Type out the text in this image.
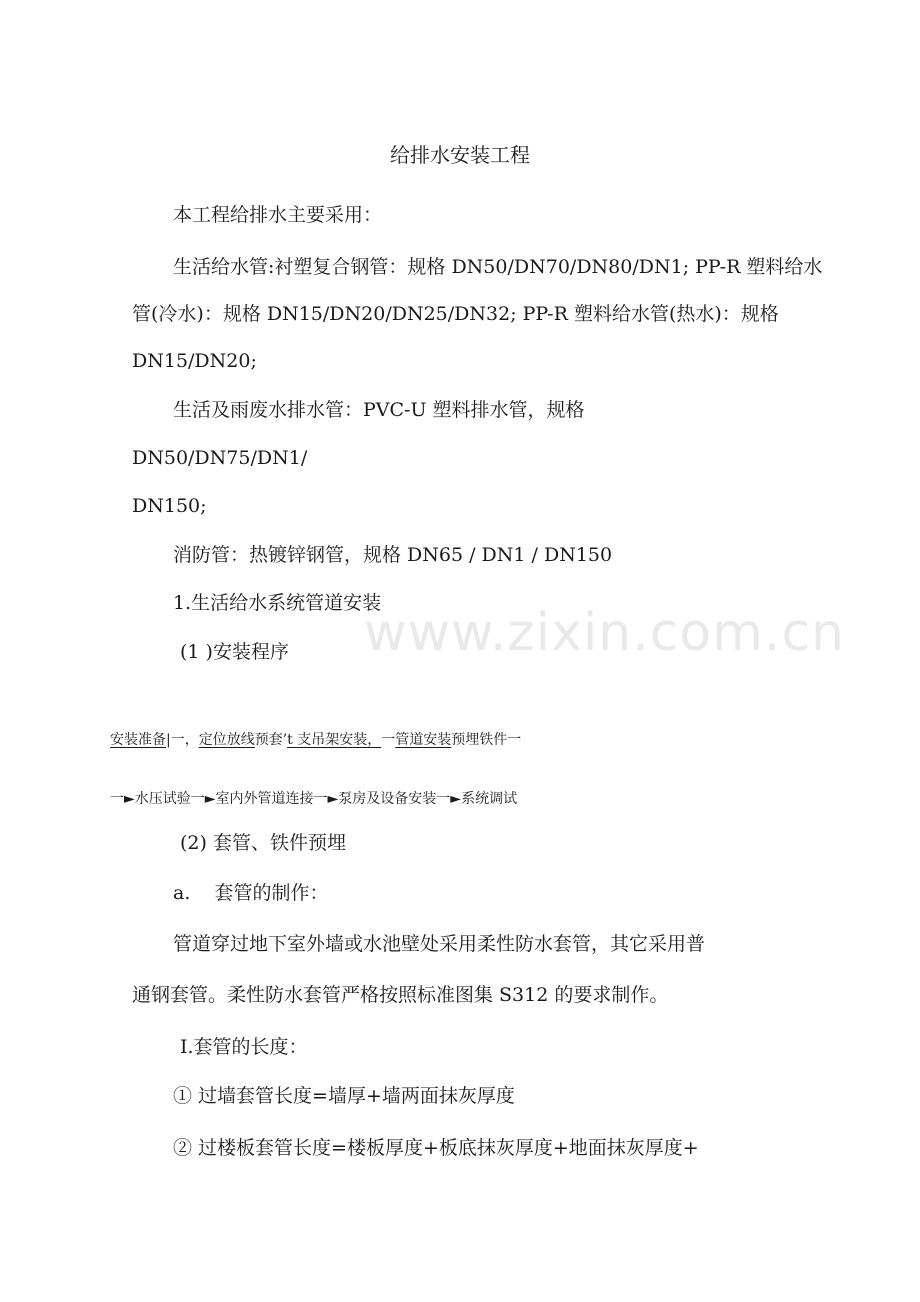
www.zixin.com.cn
给排水安装工程
本工程给排水主要采用：
生活给水管:衬塑复合钢管：规格 DN50/DN70/DN80/DN1; PP-R 塑料给水
管(冷水)：规格 DN15/DN20/DN25/DN32; PP-R 塑料给水管(热水)：规格
DN15/DN20;
生活及雨废水排水管：PVC-U 塑料排水管，规格
DN50/DN75/DN1/
DN150;
消防管：热镀锌钢管，规格 DN65 / DN1 / DN150
1.生活给水系统管道安装
(1 )安装程序
安装准备|一，定位放线预套’t 支吊架安装，一管道安装预埋铁件一
一►水压试验一►室内外管道连接一►泵房及设备安装一►系统调试
(2) 套管、铁件预埋
a.    套管的制作：
管道穿过地下室外墙或水池壁处采用柔性防水套管，其它采用普
通钢套管。柔性防水套管严格按照标准图集 S312 的要求制作。
Ⅰ.套管的长度：
① 过墙套管长度=墙厚+墙两面抹灰厚度
② 过楼板套管长度=楼板厚度+板底抹灰厚度+地面抹灰厚度+
